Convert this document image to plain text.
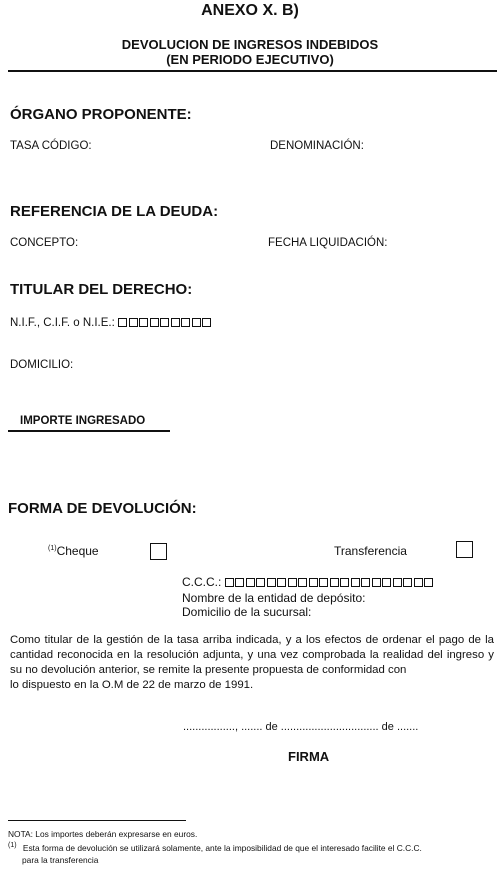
ANEXO X. B)
DEVOLUCION DE INGRESOS INDEBIDOS
(EN PERIODO EJECUTIVO)
ÓRGANO PROPONENTE:
TASA CÓDIGO:	DENOMINACIÓN:
REFERENCIA DE LA DEUDA:
CONCEPTO:	FECHA LIQUIDACIÓN:
TITULAR DEL DERECHO:
N.I.F., C.I.F. o N.I.E.:
DOMICILIO:
IMPORTE INGRESADO
FORMA DE DEVOLUCIÓN:
$^{(1)}$Cheque	Transferencia
C.C.C.:
Nombre de la entidad de depósito:
Domicilio de la sucursal:
Como titular de la gestión de la tasa arriba indicada, y a los efectos de ordenar el pago de la cantidad reconocida en la resolución adjunta, y una vez comprobada la realidad del ingreso y su no devolución anterior, se remite la presente propuesta de conformidad con
lo dispuesto en la O.M de 22 de marzo de 1991.
................., ....... de ................................ de .......
FIRMA
NOTA: Los importes deberán expresarse en euros.
$^{(1)}$ Esta forma de devolución se utilizará solamente, ante la imposibilidad de que el interesado facilite el C.C.C.
para la transferencia
